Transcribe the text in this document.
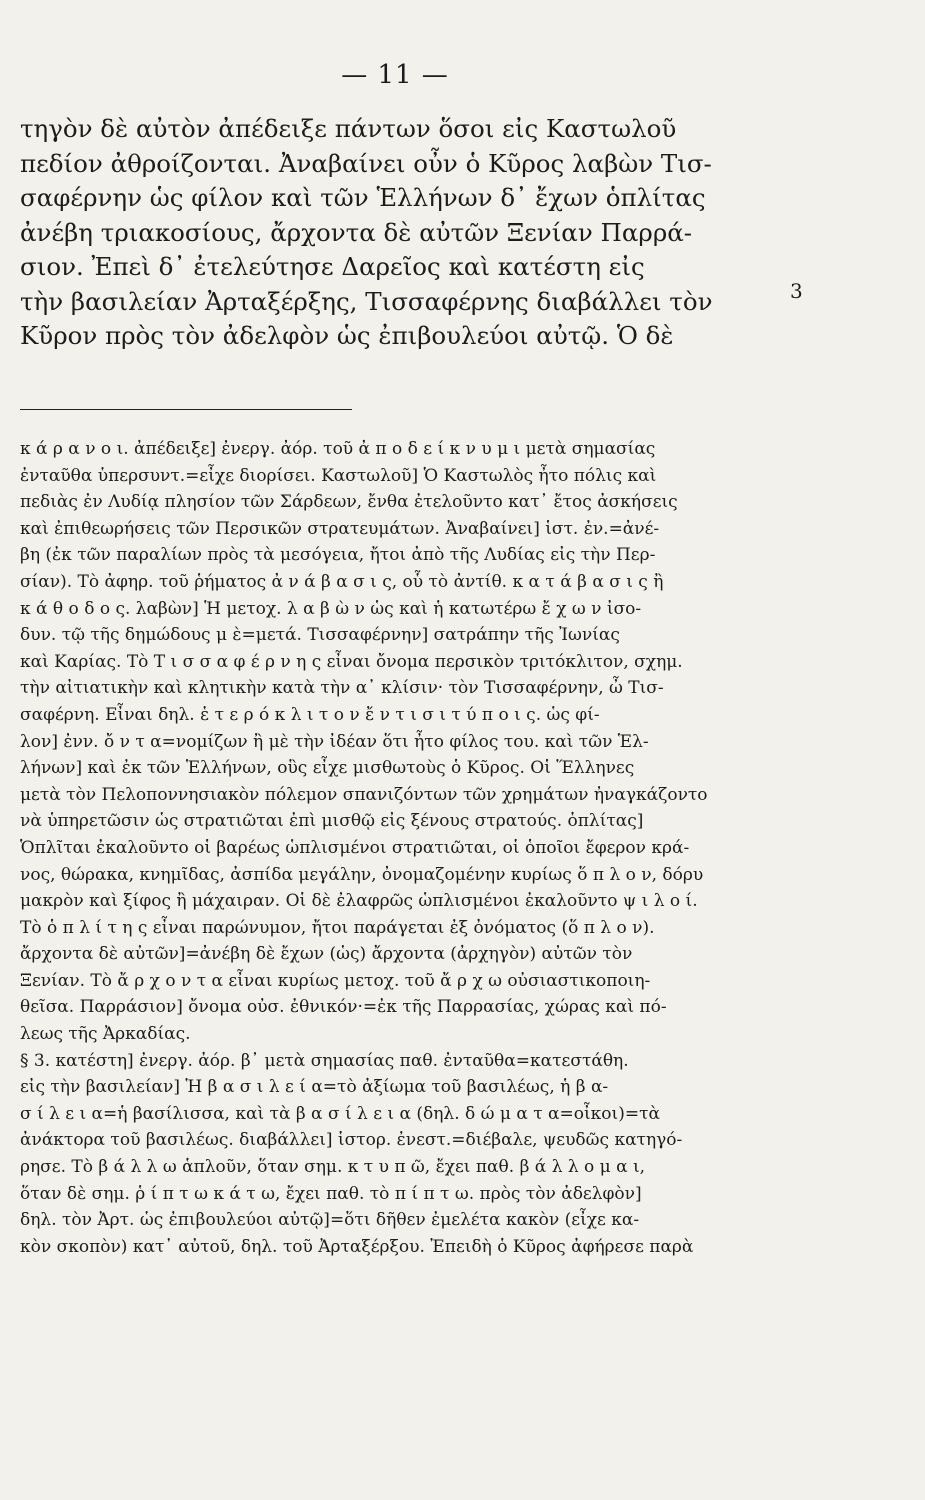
— 11 —
τηγὸν δὲ αὐτὸν ἀπέδειξε πάντων ὅσοι εἰς Καστωλοῦ
πεδίον ἀθροίζονται. Ἀναβαίνει οὖν ὁ Κῦρος λαβὼν Τισ-
σαφέρνην ὡς φίλον καὶ τῶν Ἑλλήνων δ᾽ ἔχων ὁπλίτας
ἀνέβη τριακοσίους, ἄρχοντα δὲ αὐτῶν Ξενίαν Παρρά-
σιον. Ἐπεὶ δ᾽ ἐτελεύτησε Δαρεῖος καὶ κατέστη εἰς
τὴν βασιλείαν Ἀρταξέρξης, Τισσαφέρνης διαβάλλει τὸν
Κῦρον πρὸς τὸν ἀδελφὸν ὡς ἐπιβουλεύοι αὐτῷ. Ὁ δὲ
3
κ ά ρ α ν ο ι. ἀπέδειξε] ἐνεργ. ἀόρ. τοῦ ἀ π ο δ ε ί κ ν υ μ ι μετὰ σημασίας
ἐνταῦθα ὑπερσυντ.=εἶχε διορίσει. Καστωλοῦ] Ὁ Καστωλὸς ἦτο πόλις καὶ
πεδιὰς ἐν Λυδίᾳ πλησίον τῶν Σάρδεων, ἔνθα ἐτελοῦντο κατ᾽ ἔτος ἀσκήσεις
καὶ ἐπιθεωρήσεις τῶν Περσικῶν στρατευμάτων. Ἀναβαίνει] ἱστ. ἐν.=ἀνέ-
βη (ἐκ τῶν παραλίων πρὸς τὰ μεσόγεια, ἤτοι ἀπὸ τῆς Λυδίας εἰς τὴν Περ-
σίαν). Τὸ ἀφηρ. τοῦ ῥήματος ἀ ν ά β α σ ι ς, οὗ τὸ ἀντίθ. κ α τ ά β α σ ι ς ἢ
κ ά θ ο δ ο ς. λαβὼν] Ἡ μετοχ. λ α β ὼ ν ὡς καὶ ἡ κατωτέρω ἔ χ ω ν ἰσο-
δυν. τῷ τῆς δημώδους μ ὲ=μετά. Τισσαφέρνην] σατράπην τῆς Ἰωνίας
καὶ Καρίας. Τὸ Τ ι σ σ α φ έ ρ ν η ς εἶναι ὄνομα περσικὸν τριτόκλιτον, σχημ.
τὴν αἰτιατικὴν καὶ κλητικὴν κατὰ τὴν α᾽ κλίσιν· τὸν Τισσαφέρνην, ὦ Τισ-
σαφέρνη. Εἶναι δηλ. ἑ τ ε ρ ό κ λ ι τ ο ν ἔ ν τ ι σ ι τ ύ π ο ι ς. ὡς φί-
λον] ἐνν. ὄ ν τ α=νομίζων ἢ μὲ τὴν ἰδέαν ὅτι ἦτο φίλος του. καὶ τῶν Ἑλ-
λήνων] καὶ ἐκ τῶν Ἑλλήνων, οὓς εἶχε μισθωτοὺς ὁ Κῦρος. Οἱ Ἕλληνες
μετὰ τὸν Πελοποννησιακὸν πόλεμον σπανιζόντων τῶν χρημάτων ἠναγκάζοντο
νὰ ὑπηρετῶσιν ὡς στρατιῶται ἐπὶ μισθῷ εἰς ξένους στρατούς. ὁπλίτας]
Ὁπλῖται ἐκαλοῦντο οἱ βαρέως ὡπλισμένοι στρατιῶται, οἱ ὁποῖοι ἔφερον κρά-
νος, θώρακα, κνημῖδας, ἀσπίδα μεγάλην, ὀνομαζομένην κυρίως ὅ π λ ο ν, δόρυ
μακρὸν καὶ ξίφος ἢ μάχαιραν. Οἱ δὲ ἐλαφρῶς ὡπλισμένοι ἐκαλοῦντο ψ ι λ ο ί.
Τὸ ὁ π λ ί τ η ς εἶναι παρώνυμον, ἤτοι παράγεται ἐξ ὀνόματος (ὅ π λ ο ν).
ἄρχοντα δὲ αὐτῶν]=ἀνέβη δὲ ἔχων (ὡς) ἄρχοντα (ἀρχηγὸν) αὐτῶν τὸν
Ξενίαν. Τὸ ἄ ρ χ ο ν τ α εἶναι κυρίως μετοχ. τοῦ ἄ ρ χ ω οὐσιαστικοποιη-
θεῖσα. Παρράσιον] ὄνομα οὐσ. ἐθνικόν·=ἐκ τῆς Παρρασίας, χώρας καὶ πό-
λεως τῆς Ἀρκαδίας.
§ 3. κατέστη] ἐνεργ. ἀόρ. β᾽ μετὰ σημασίας παθ. ἐνταῦθα=κατεστάθη.
εἰς τὴν βασιλείαν] Ἡ β α σ ι λ ε ί α=τὸ ἀξίωμα τοῦ βασιλέως, ἡ β α-
σ ί λ ε ι α=ἡ βασίλισσα, καὶ τὰ β α σ ί λ ε ι α (δηλ. δ ώ μ α τ α=οἶκοι)=τὰ
ἀνάκτορα τοῦ βασιλέως. διαβάλλει] ἱστορ. ἐνεστ.=διέβαλε, ψευδῶς κατηγό-
ρησε. Τὸ β ά λ λ ω ἁπλοῦν, ὅταν σημ. κ τ υ π ῶ, ἔχει παθ. β ά λ λ ο μ α ι,
ὅταν δὲ σημ. ῥ ί π τ ω κ ά τ ω, ἔχει παθ. τὸ π ί π τ ω. πρὸς τὸν ἀδελφὸν]
δηλ. τὸν Ἀρτ. ὡς ἐπιβουλεύοι αὐτῷ]=ὅτι δῆθεν ἐμελέτα κακὸν (εἶχε κα-
κὸν σκοπὸν) κατ᾽ αὐτοῦ, δηλ. τοῦ Ἀρταξέρξου. Ἐπειδὴ ὁ Κῦρος ἀφήρεσε παρὰ
